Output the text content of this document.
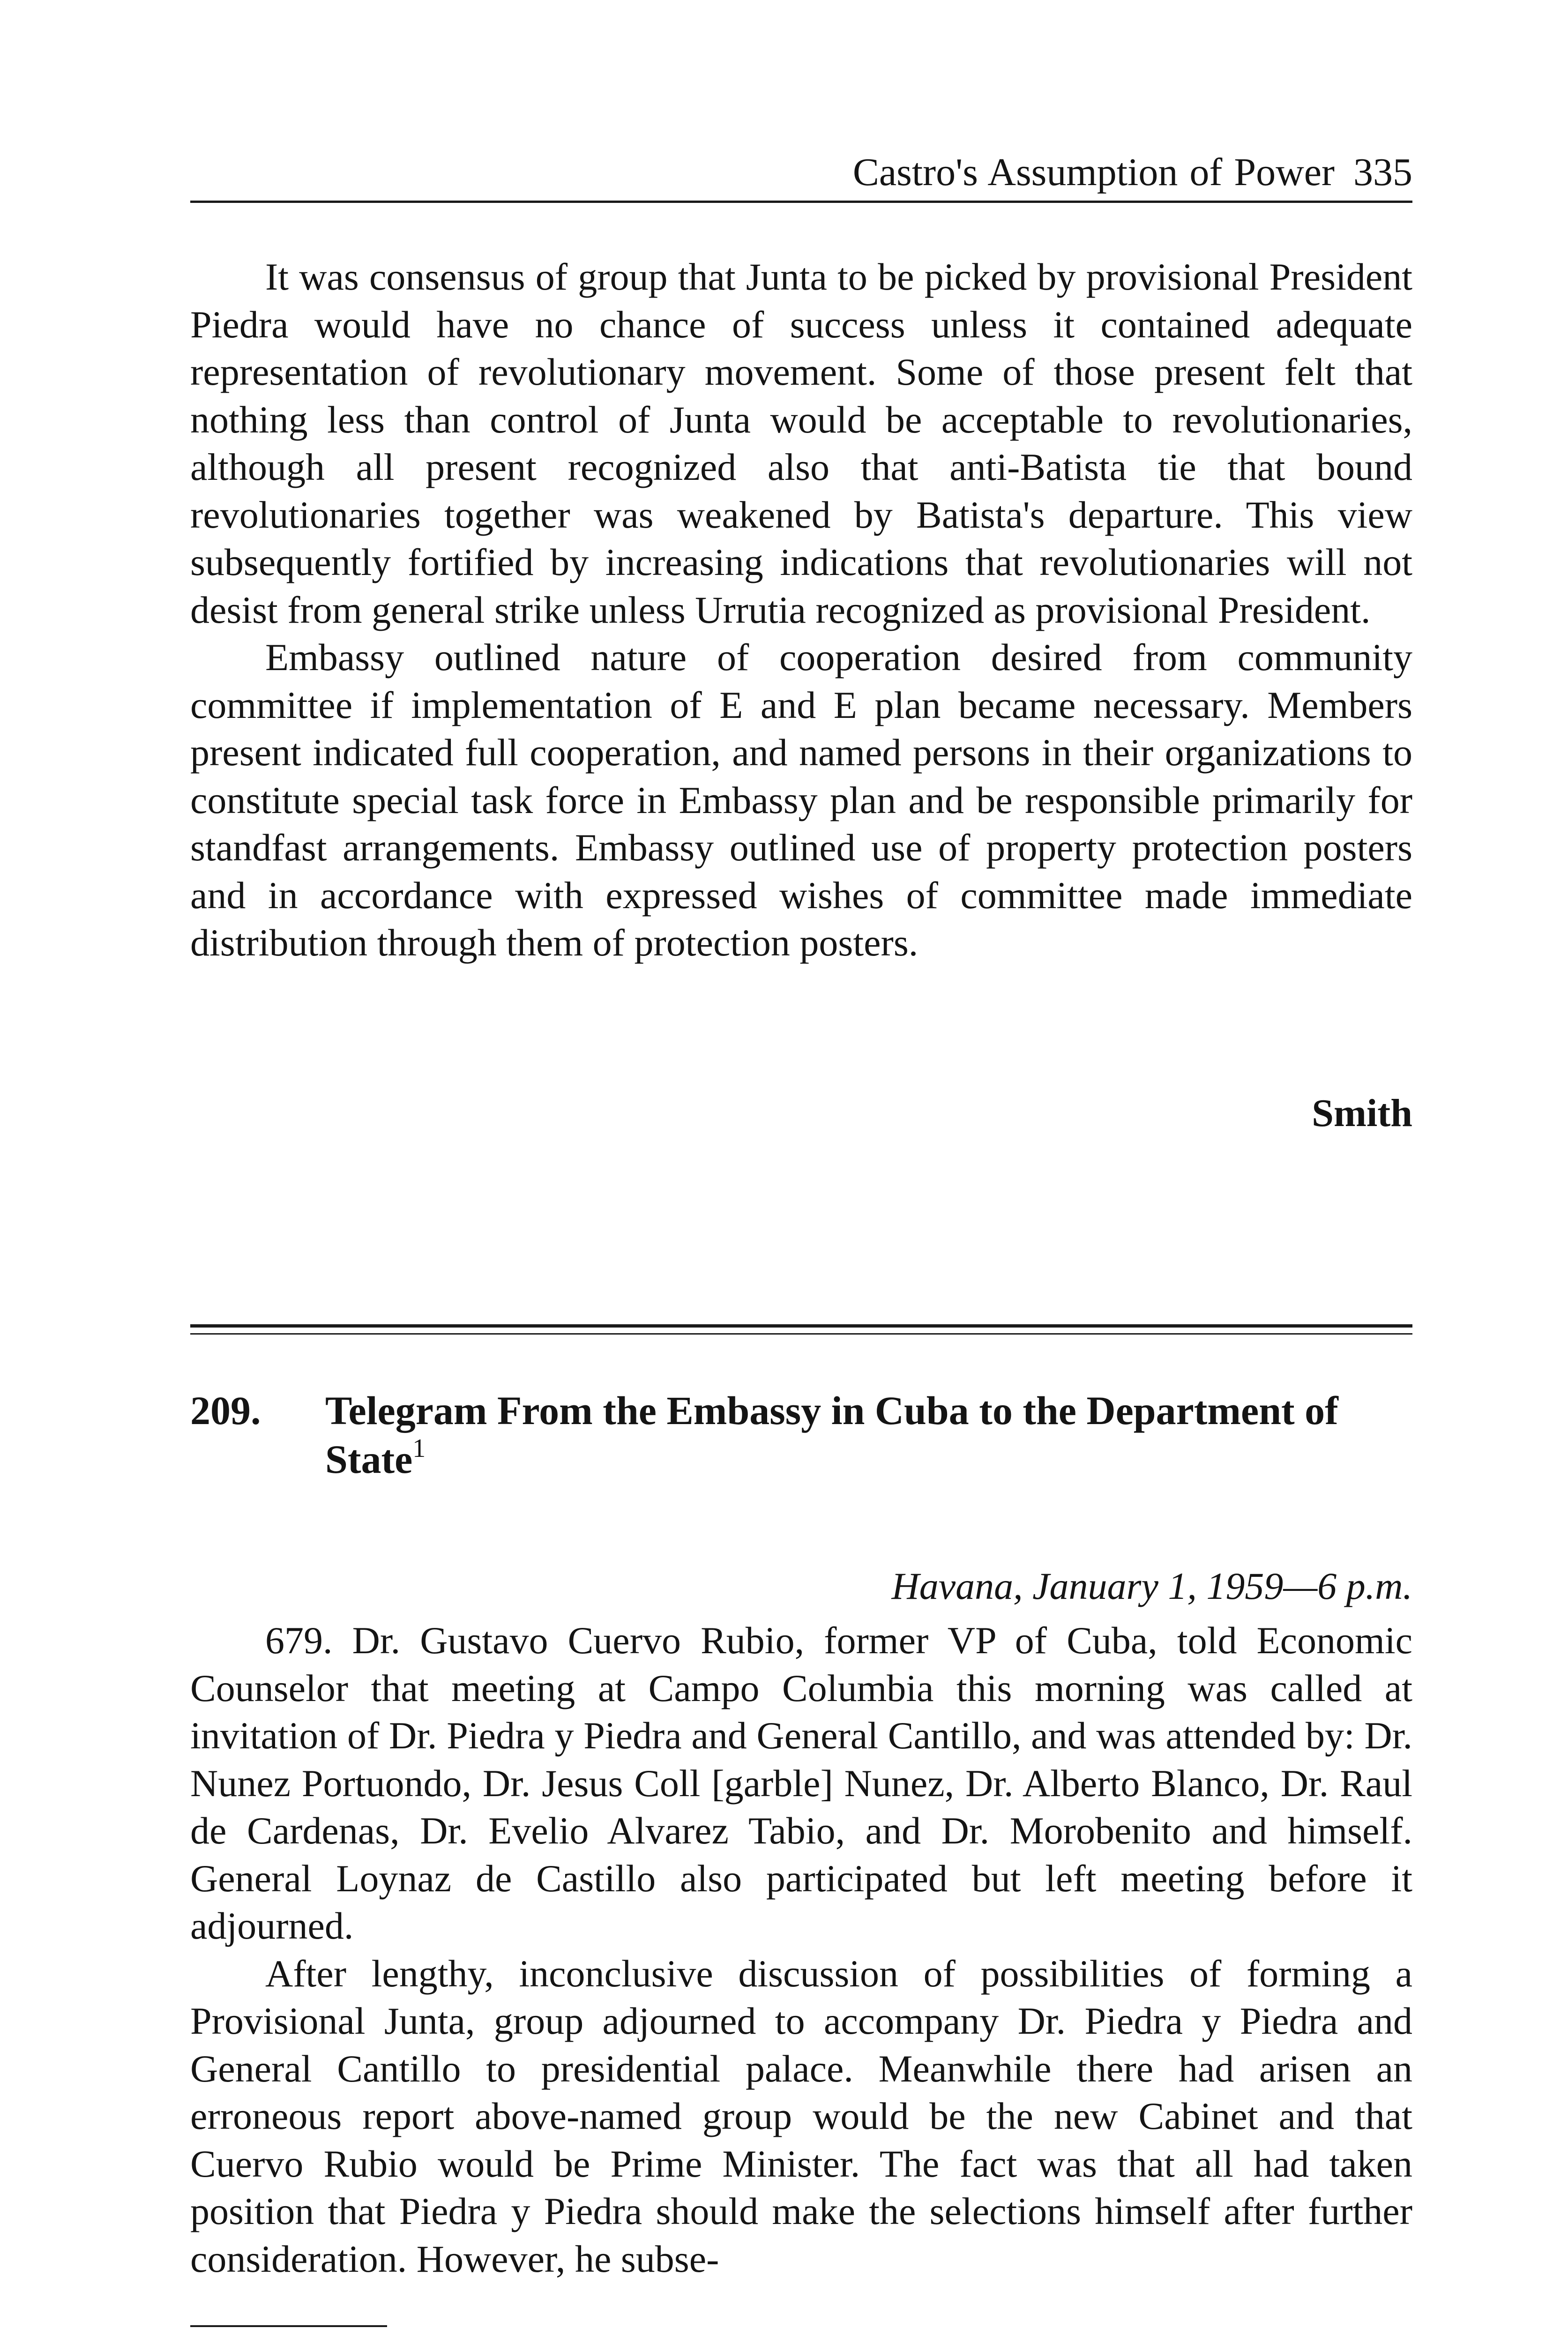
Castro's Assumption of Power 335

It was consensus of group that Junta to be picked by provisional President Piedra would have no chance of success unless it contained adequate representation of revolutionary movement. Some of those present felt that nothing less than control of Junta would be acceptable to revolutionaries, although all present recognized also that anti-Batista tie that bound revolutionaries together was weakened by Batista's departure. This view subsequently fortified by increasing indications that revolutionaries will not desist from general strike unless Urrutia recognized as provisional President.

Embassy outlined nature of cooperation desired from community committee if implementation of E and E plan became necessary. Members present indicated full cooperation, and named persons in their organizations to constitute special task force in Embassy plan and be responsible primarily for standfast arrangements. Embassy outlined use of property protection posters and in accordance with expressed wishes of committee made immediate distribution through them of protection posters.

Smith
209. Telegram From the Embassy in Cuba to the Department of State$^1$
Havana, January 1, 1959—6 p.m.

679. Dr. Gustavo Cuervo Rubio, former VP of Cuba, told Economic Counselor that meeting at Campo Columbia this morning was called at invitation of Dr. Piedra y Piedra and General Cantillo, and was attended by: Dr. Nunez Portuondo, Dr. Jesus Coll [garble] Nunez, Dr. Alberto Blanco, Dr. Raul de Cardenas, Dr. Evelio Alvarez Tabio, and Dr. Morobenito and himself. General Loynaz de Castillo also participated but left meeting before it adjourned.

After lengthy, inconclusive discussion of possibilities of forming a Provisional Junta, group adjourned to accompany Dr. Piedra y Piedra and General Cantillo to presidential palace. Meanwhile there had arisen an erroneous report above-named group would be the new Cabinet and that Cuervo Rubio would be Prime Minister. The fact was that all had taken position that Piedra y Piedra should make the selections himself after further consideration. However, he subse-
